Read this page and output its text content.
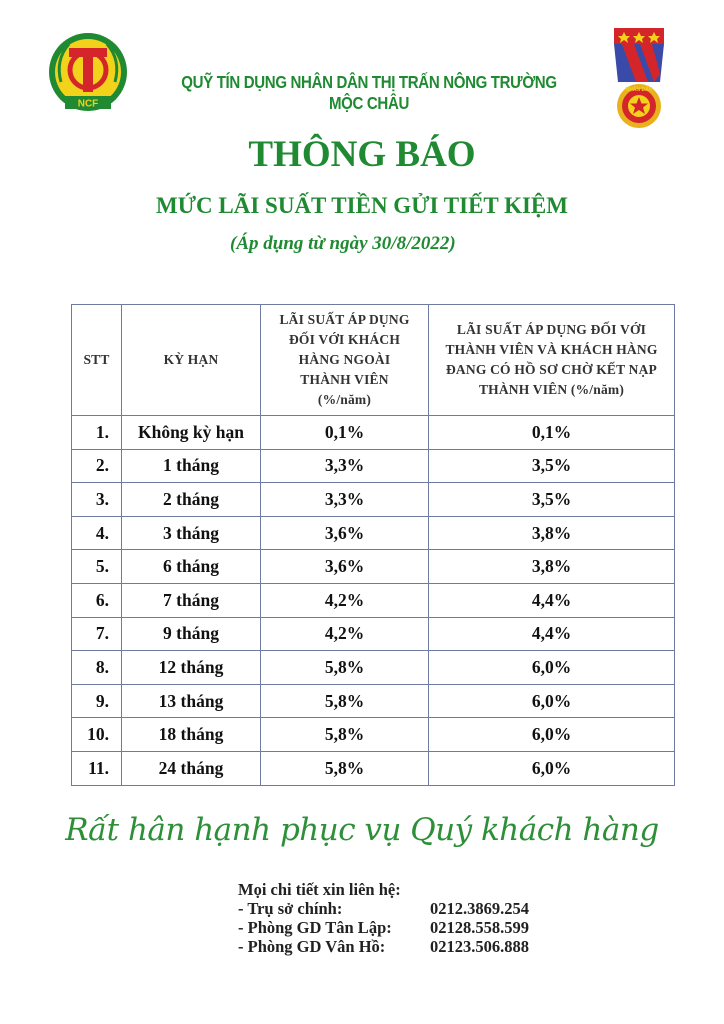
NCF
NHÂN DÂN
QUỸ TÍN DỤNG NHÂN DÂN THỊ TRẤN NÔNG TRƯỜNG MỘC CHÂU
THÔNG BÁO
MỨC LÃI SUẤT TIỀN GỬI TIẾT KIỆM
(Áp dụng từ ngày 30/8/2022)
STT	KỲ HẠN	LÃI SUẤT ÁP DỤNG ĐỐI VỚI KHÁCH HÀNG NGOÀI THÀNH VIÊN (%/năm)	LÃI SUẤT ÁP DỤNG ĐỐI VỚI THÀNH VIÊN VÀ KHÁCH HÀNG ĐANG CÓ HỒ SƠ CHỜ KẾT NẠP THÀNH VIÊN (%/năm)
1.	Không kỳ hạn	0,1%	0,1%
2.	1 tháng	3,3%	3,5%
3.	2 tháng	3,3%	3,5%
4.	3 tháng	3,6%	3,8%
5.	6 tháng	3,6%	3,8%
6.	7 tháng	4,2%	4,4%
7.	9 tháng	4,2%	4,4%
8.	12 tháng	5,8%	6,0%
9.	13 tháng	5,8%	6,0%
10.	18 tháng	5,8%	6,0%
11.	24 tháng	5,8%	6,0%
Rất hân hạnh phục vụ Quý khách hàng
Mọi chi tiết xin liên hệ:
- Trụ sở chính:	0212.3869.254
- Phòng GD Tân Lập:	02128.558.599
- Phòng GD Vân Hồ:	02123.506.888
